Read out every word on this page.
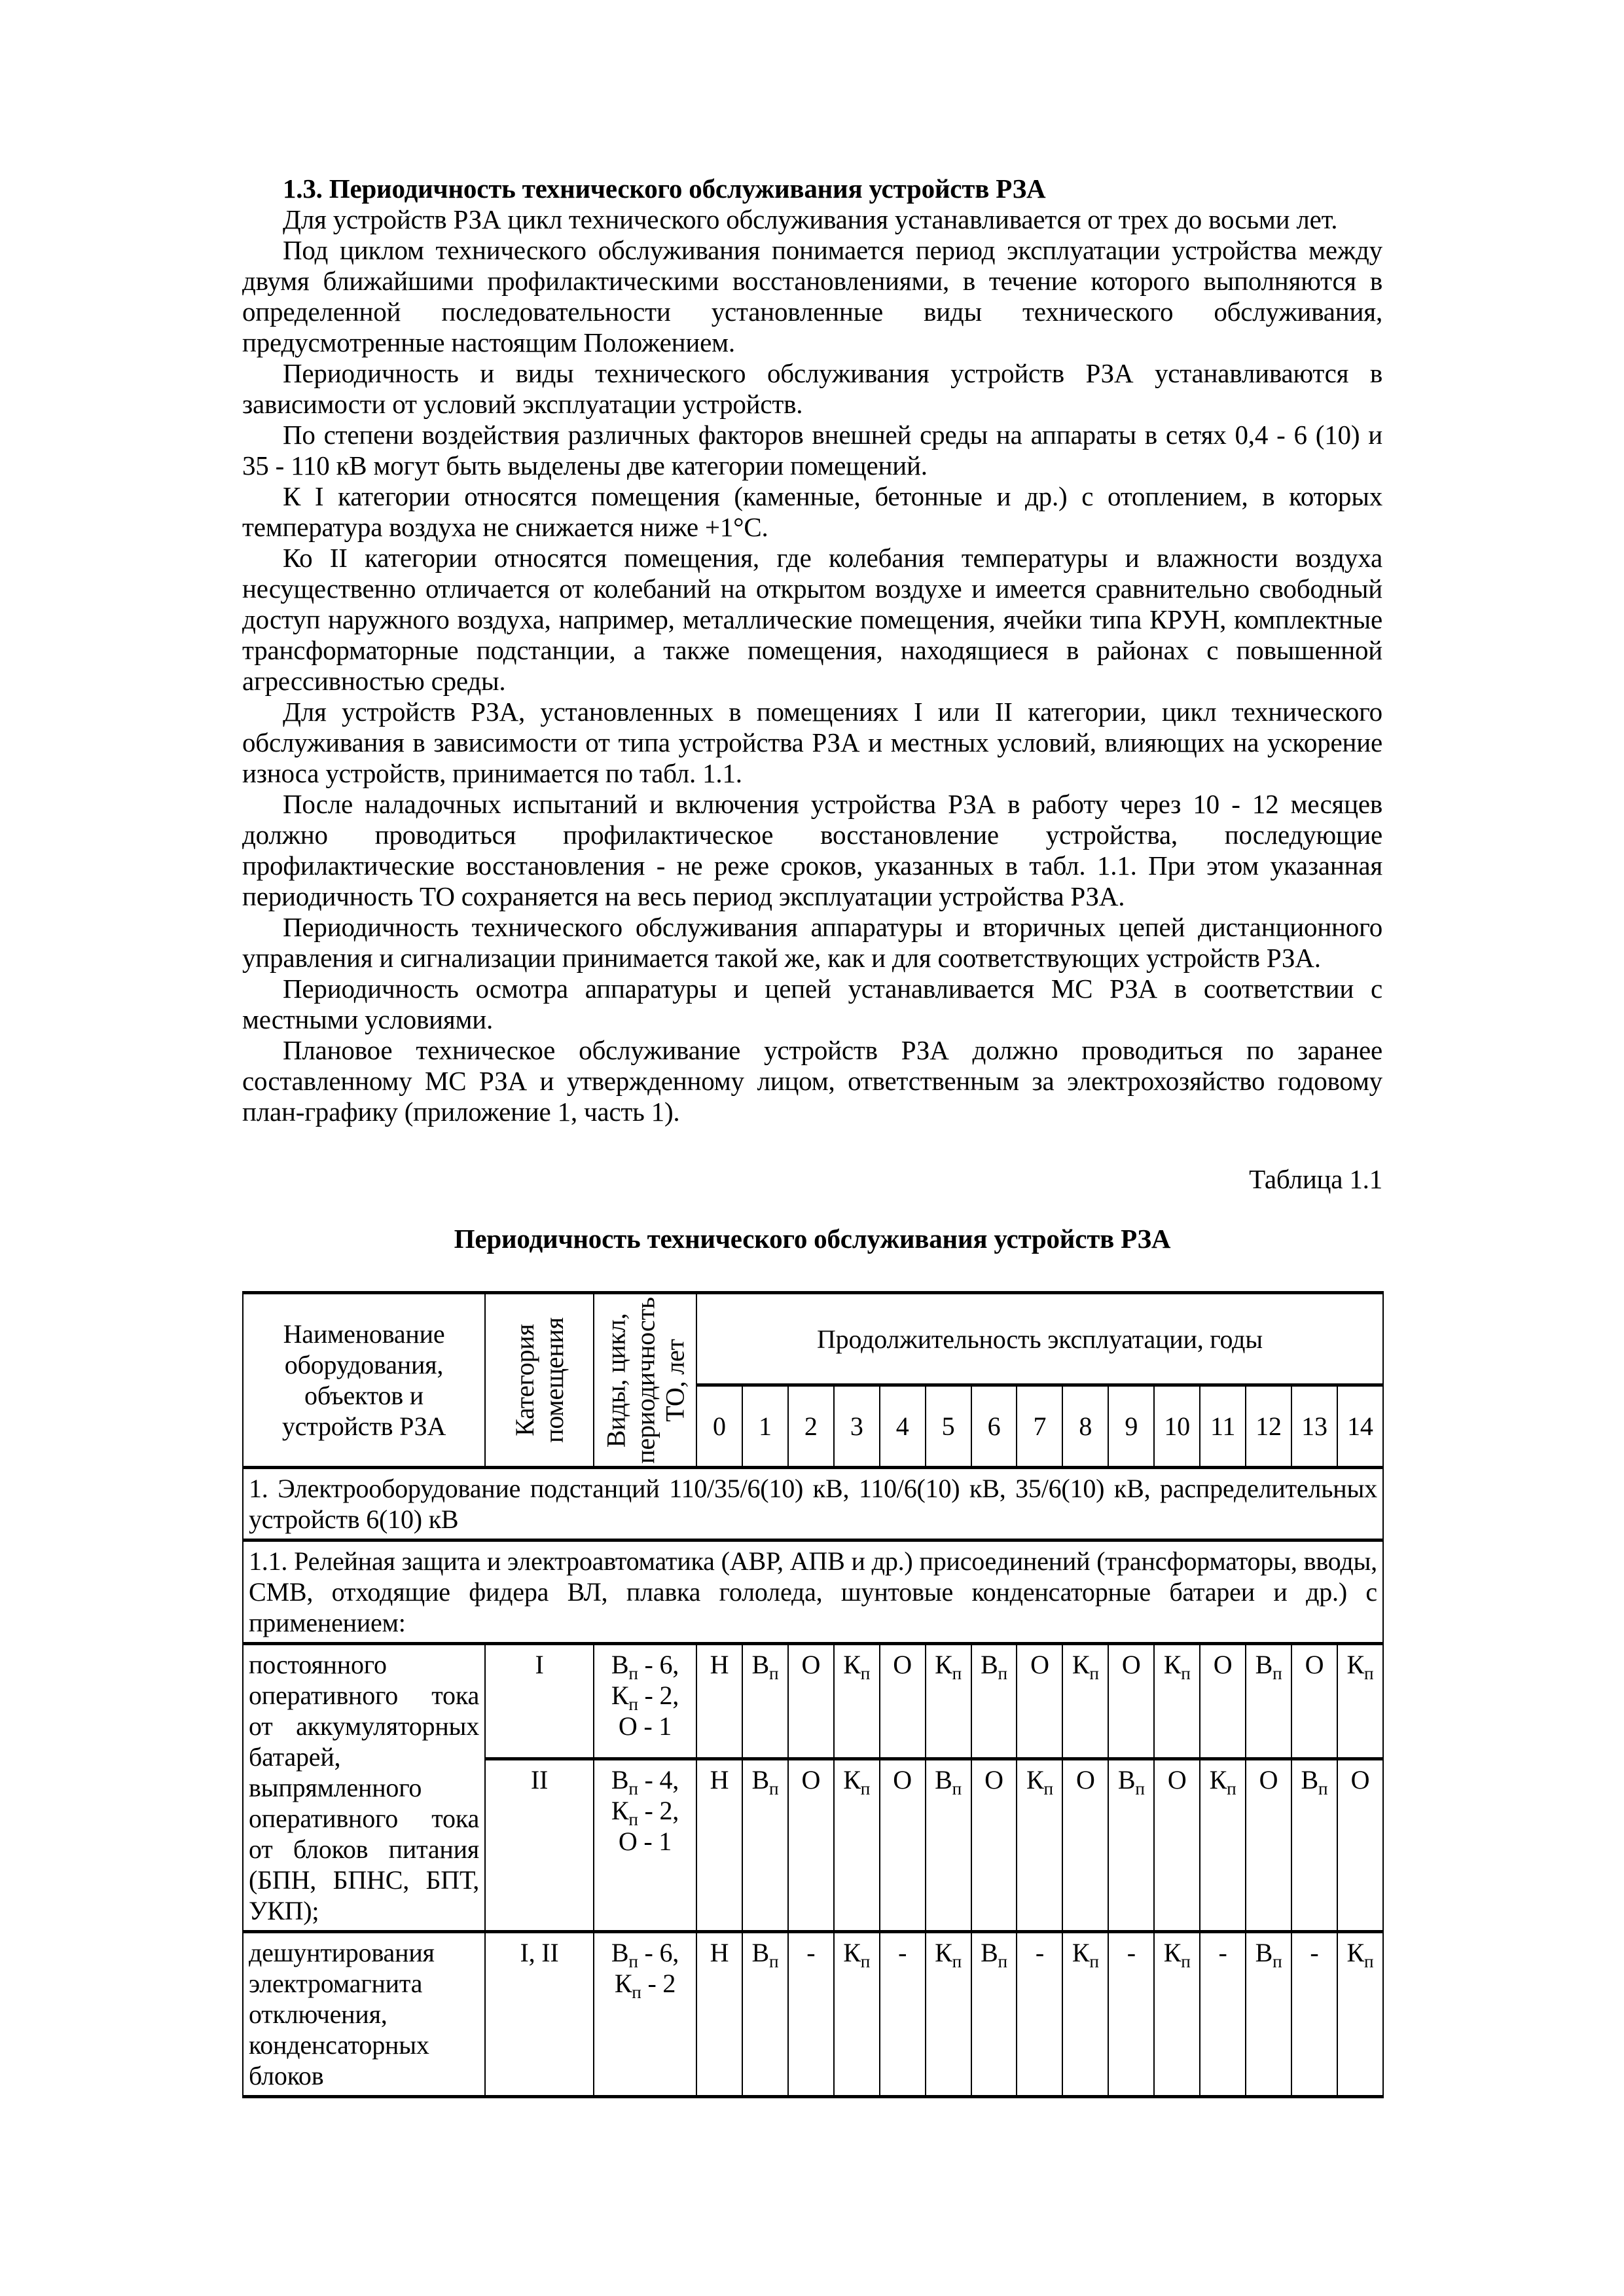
1.3. Периодичность технического обслуживания устройств РЗА

Для устройств РЗА цикл технического обслуживания устанавливается от трех до восьми лет.

Под циклом технического обслуживания понимается период эксплуатации устройства между двумя ближайшими профилактическими восстановлениями, в течение которого выполняются в определенной последовательности установленные виды технического обслуживания, предусмотренные настоящим Положением.

Периодичность и виды технического обслуживания устройств РЗА устанавливаются в зависимости от условий эксплуатации устройств.

По степени воздействия различных факторов внешней среды на аппараты в сетях 0,4 - 6 (10) и 35 - 110 кВ могут быть выделены две категории помещений.

К I категории относятся помещения (каменные, бетонные и др.) с отоплением, в которых температура воздуха не снижается ниже +1°С.

Ко II категории относятся помещения, где колебания температуры и влажности воздуха несущественно отличается от колебаний на открытом воздухе и имеется сравнительно свободный доступ наружного воздуха, например, металлические помещения, ячейки типа КРУН, комплектные трансформаторные подстанции, а также помещения, находящиеся в районах с повышенной агрессивностью среды.

Для устройств РЗА, установленных в помещениях I или II категории, цикл технического обслуживания в зависимости от типа устройства РЗА и местных условий, влияющих на ускорение износа устройств, принимается по табл. 1.1.

После наладочных испытаний и включения устройства РЗА в работу через 10 - 12 месяцев должно проводиться профилактическое восстановление устройства, последующие профилактические восстановления - не реже сроков, указанных в табл. 1.1. При этом указанная периодичность ТО сохраняется на весь период эксплуатации устройства РЗА.

Периодичность технического обслуживания аппаратуры и вторичных цепей дистанционного управления и сигнализации принимается такой же, как и для соответствующих устройств РЗА.

Периодичность осмотра аппаратуры и цепей устанавливается МС РЗА в соответствии с местными условиями.

Плановое техническое обслуживание устройств РЗА должно проводиться по заранее составленному МС РЗА и утвержденному лицом, ответственным за электрохозяйство годовому план-графику (приложение 1, часть 1).

Таблица 1.1

Периодичность технического обслуживания устройств РЗА

Наименование оборудования, объектов и устройств РЗА	Категория помещения	Виды, цикл, периодичность ТО, лет	Продолжительность эксплуатации, годы														
			0	1	2	3	4	5	6	7	8	9	10	11	12	13	14
1. Электрооборудование подстанций 110/35/6(10) кВ, 110/6(10) кВ, 35/6(10) кВ, распределительных устройств 6(10) кВ																	
1.1. Релейная защита и электроавтоматика (АВР, АПВ и др.) присоединений (трансформаторы, вводы, СМВ, отходящие фидера ВЛ, плавка гололеда, шунтовые конденсаторные батареи и др.) с применением:																	
постоянного оперативного тока от аккумуляторных батарей, выпрямленного оперативного тока от блоков питания (БПН, БПНС, БПТ, УКП);	I	$В_п - 6$,
$К_п - 2$,
О - 1	Н	$В_п$	О	$К_п$	О	$К_п$	$В_п$	О	$К_п$	О	$К_п$	О	$В_п$	О	$К_п$
	II	$В_п - 4$,
$К_п - 2$,
О - 1	Н	$В_п$	О	$К_п$	О	$В_п$	О	$К_п$	О	$В_п$	О	$К_п$	О	$В_п$	О
дешунтирования электромагнита отключения, конденсаторных блоков	I, II	$В_п - 6$,
$К_п - 2$	Н	$В_п$	-	$К_п$	-	$К_п$	$В_п$	-	$К_п$	-	$К_п$	-	$В_п$	-	$К_п$
